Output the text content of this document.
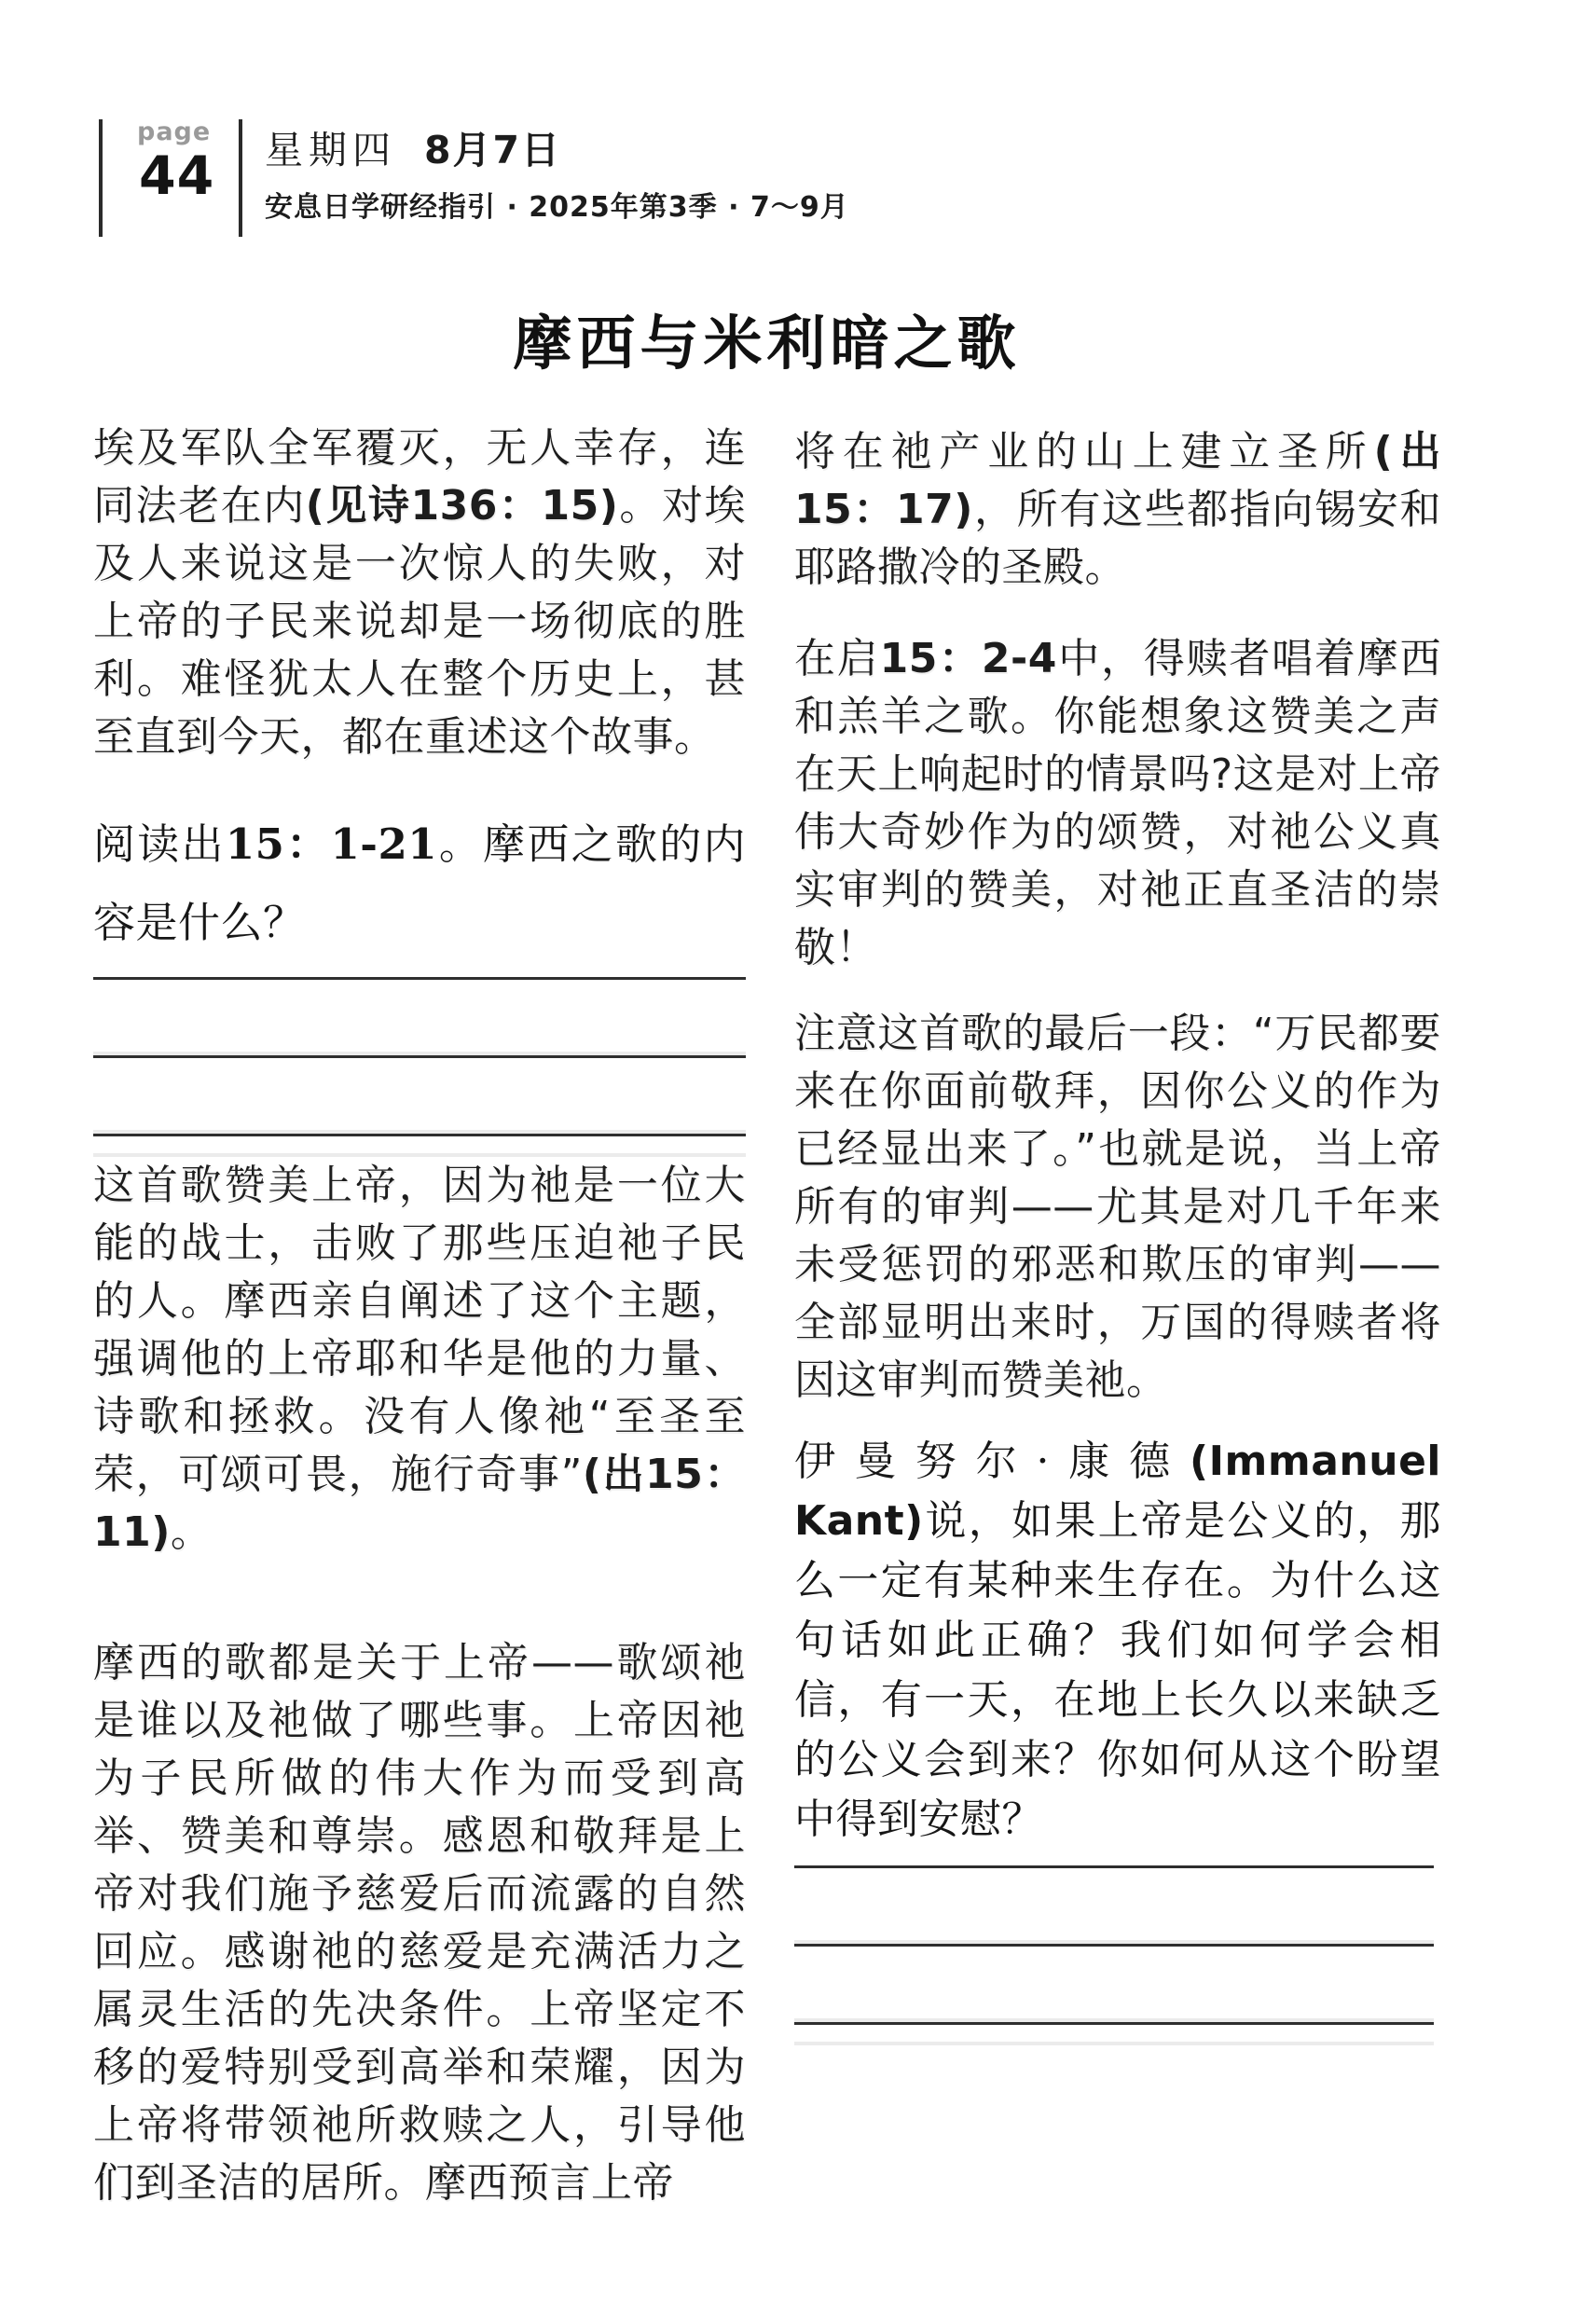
page
44 星期四 8月7日
安息日学研经指引 · 2025年第3季 · 7～9月
摩西与米利暗之歌

埃及军队全军覆灭，无人幸存，连同法老在内(见诗136：15)。对埃及人来说这是一次惊人的失败，对上帝的子民来说却是一场彻底的胜利。难怪犹太人在整个历史上，甚至直到今天，都在重述这个故事。

阅读出15：1-21。摩西之歌的内容是什么？

这首歌赞美上帝，因为祂是一位大能的战士，击败了那些压迫祂子民的人。摩西亲自阐述了这个主题，强调他的上帝耶和华是他的力量、诗歌和拯救。没有人像祂“至圣至荣，可颂可畏，施行奇事”(出15：11)。

摩西的歌都是关于上帝——歌颂祂是谁以及祂做了哪些事。上帝因祂为子民所做的伟大作为而受到高举、赞美和尊崇。感恩和敬拜是上帝对我们施予慈爱后而流露的自然回应。感谢祂的慈爱是充满活力之属灵生活的先决条件。上帝坚定不移的爱特别受到高举和荣耀，因为上帝将带领祂所救赎之人，引导他们到圣洁的居所。摩西预言上帝

将在祂产业的山上建立圣所(出15：17)，所有这些都指向锡安和耶路撒冷的圣殿。

在启15：2-4中，得赎者唱着摩西和羔羊之歌。你能想象这赞美之声在天上响起时的情景吗?这是对上帝伟大奇妙作为的颂赞，对祂公义真实审判的赞美，对祂正直圣洁的崇敬！

注意这首歌的最后一段：“万民都要来在你面前敬拜，因你公义的作为已经显出来了。”也就是说，当上帝所有的审判——尤其是对几千年来未受惩罚的邪恶和欺压的审判——全部显明出来时，万国的得赎者将因这审判而赞美祂。

伊曼努尔·康德(Immanuel Kant)说，如果上帝是公义的，那么一定有某种来生存在。为什么这句话如此正确？我们如何学会相信，有一天，在地上长久以来缺乏的公义会到来？你如何从这个盼望中得到安慰？
